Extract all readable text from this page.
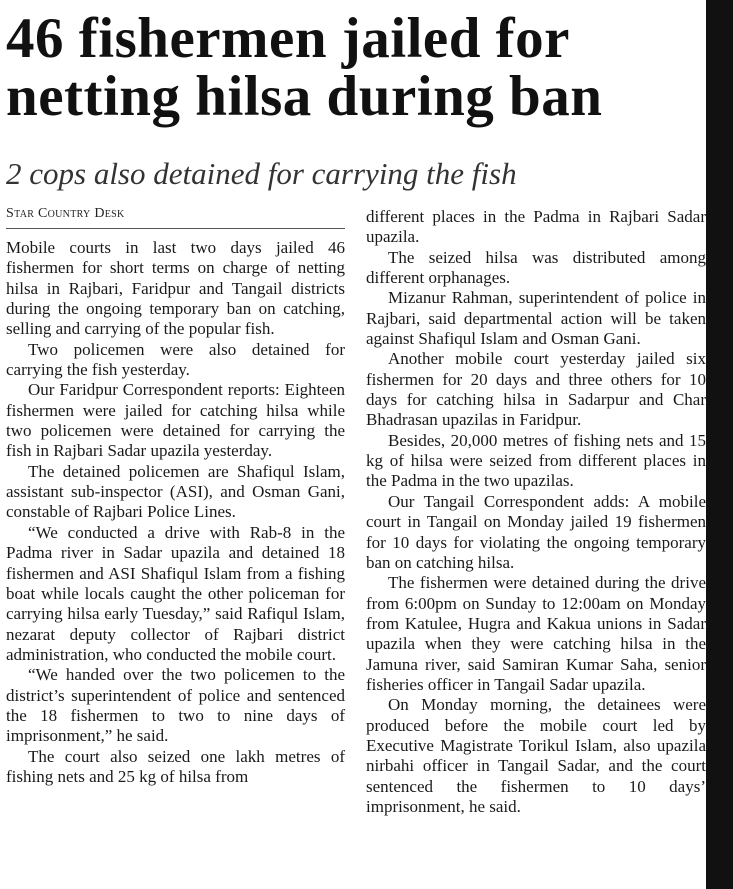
46 fishermen jailed for netting hilsa during ban
2 cops also detained for carrying the fish
Star Country Desk

Mobile courts in last two days jailed 46 fishermen for short terms on charge of netting hilsa in Rajbari, Faridpur and Tangail districts during the ongoing temporary ban on catching, selling and carrying of the popular fish.

Two policemen were also detained for carrying the fish yesterday.

Our Faridpur Correspondent reports: Eighteen fishermen were jailed for catching hilsa while two policemen were detained for carrying the fish in Rajbari Sadar upazila yesterday.

The detained policemen are Shafiqul Islam, assistant sub-inspector (ASI), and Osman Gani, constable of Rajbari Police Lines.

“We conducted a drive with Rab-8 in the Padma river in Sadar upazila and detained 18 fishermen and ASI Shafiqul Islam from a fishing boat while locals caught the other policeman for carrying hilsa early Tuesday,” said Rafiqul Islam, nezarat deputy collector of Rajbari district administration, who conducted the mobile court.

“We handed over the two policemen to the district’s superintendent of police and sentenced the 18 fishermen to two to nine days of imprisonment,” he said.

The court also seized one lakh metres of fishing nets and 25 kg of hilsa from

different places in the Padma in Rajbari Sadar upazila.

The seized hilsa was distributed among different orphanages.

Mizanur Rahman, superintendent of police in Rajbari, said departmental action will be taken against Shafiqul Islam and Osman Gani.

Another mobile court yesterday jailed six fishermen for 20 days and three others for 10 days for catching hilsa in Sadarpur and Char Bhadrasan upazilas in Faridpur.

Besides, 20,000 metres of fishing nets and 15 kg of hilsa were seized from different places in the Padma in the two upazilas.

Our Tangail Correspondent adds: A mobile court in Tangail on Monday jailed 19 fishermen for 10 days for violating the ongoing temporary ban on catching hilsa.

The fishermen were detained during the drive from 6:00pm on Sunday to 12:00am on Monday from Katulee, Hugra and Kakua unions in Sadar upazila when they were catching hilsa in the Jamuna river, said Samiran Kumar Saha, senior fisheries officer in Tangail Sadar upazila.

On Monday morning, the detainees were produced before the mobile court led by Executive Magistrate Torikul Islam, also upazila nirbahi officer in Tangail Sadar, and the court sentenced the fishermen to 10 days’ imprisonment, he said.
